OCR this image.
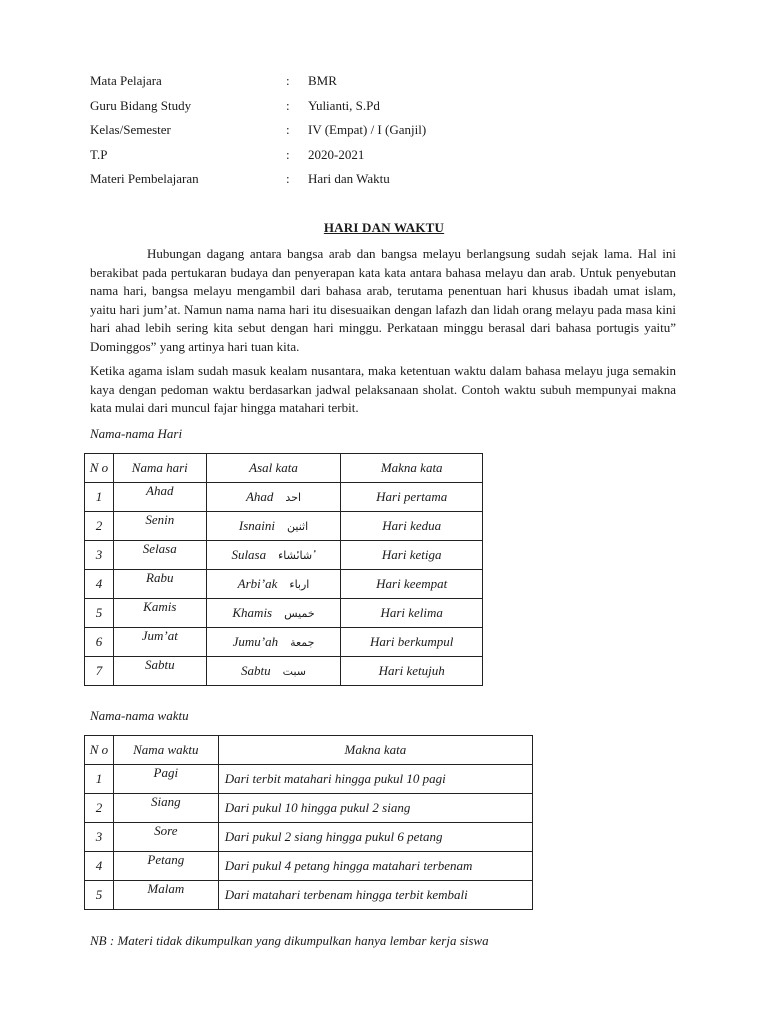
Mata Pelajara	:	BMR
Guru Bidang Study	:	Yulianti, S.Pd
Kelas/Semester	:	IV (Empat) / I (Ganjil)
T.P	:	2020-2021
Materi Pembelajaran	:	Hari dan Waktu
HARI DAN WAKTU

Hubungan dagang antara bangsa arab dan bangsa melayu berlangsung sudah sejak lama. Hal ini berakibat pada pertukaran budaya dan penyerapan kata kata antara bahasa melayu dan arab. Untuk penyebutan nama hari, bangsa melayu mengambil dari bahasa arab, terutama penentuan hari khusus ibadah umat islam, yaitu hari jum’at. Namun nama nama hari itu disesuaikan dengan lafazh dan lidah orang melayu pada masa kini hari ahad lebih sering kita sebut dengan hari minggu. Perkataan minggu berasal dari bahasa portugis yaitu” Dominggos” yang artinya hari tuan kita.

Ketika agama islam sudah masuk kealam nusantara, maka ketentuan waktu dalam bahasa melayu juga semakin kaya dengan pedoman waktu berdasarkan jadwal pelaksanaan sholat. Contoh waktu subuh mempunyai makna kata mulai dari muncul fajar hingga matahari terbit.

Nama-nama Hari
N o	Nama hari	Asal kata	Makna kata
1	Ahad	Ahad احد	Hari pertama
2	Senin	Isnaini اثنين	Hari kedua
3	Selasa	Sulasa شاىٔشاء ٔ	Hari ketiga
4	Rabu	Arbi’ak ارباء	Hari keempat
5	Kamis	Khamis خميس	Hari kelima
6	Jum’at	Jumu’ah جمعة	Hari berkumpul
7	Sabtu	Sabtu سبت	Hari ketujuh
Nama-nama waktu
N o	Nama waktu	Makna kata
1	Pagi	Dari terbit matahari hingga pukul 10 pagi
2	Siang	Dari pukul 10 hingga pukul 2 siang
3	Sore	Dari pukul 2 siang hingga pukul 6 petang
4	Petang	Dari pukul 4 petang hingga matahari terbenam
5	Malam	Dari matahari terbenam hingga terbit kembali
NB : Materi tidak dikumpulkan yang dikumpulkan hanya lembar kerja siswa
